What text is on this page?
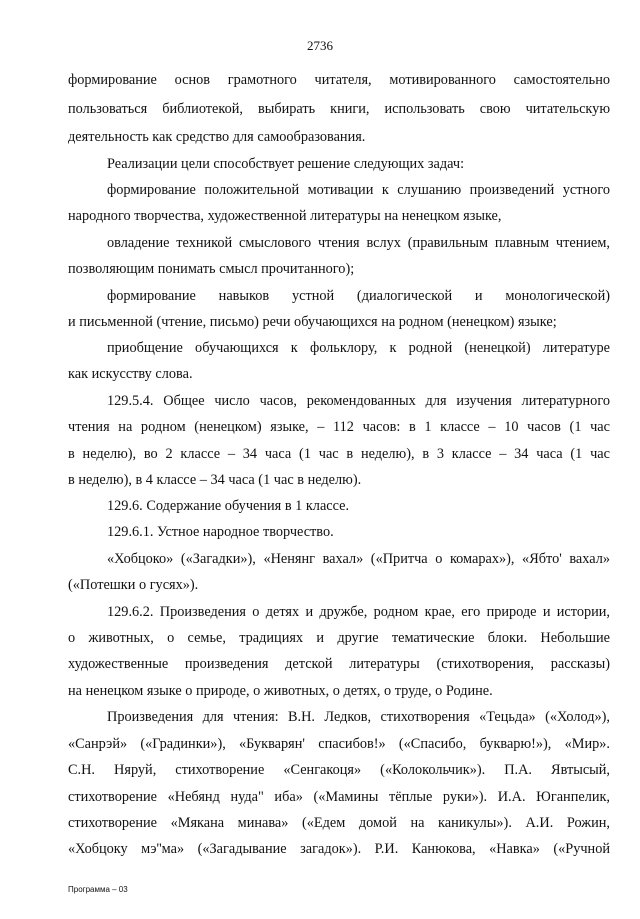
2736
формирование основ грамотного читателя, мотивированного самостоятельно
пользоваться библиотекой, выбирать книги, использовать свою читательскую
деятельность как средство для самообразования.
Реализации цели способствует решение следующих задач:
формирование положительной мотивации к слушанию произведений устного
народного творчества, художественной литературы на ненецком языке,
овладение техникой смыслового чтения вслух (правильным плавным чтением,
позволяющим понимать смысл прочитанного);
формирование навыков устной (диалогической и монологической)
и письменной (чтение, письмо) речи обучающихся на родном (ненецком) языке;
приобщение обучающихся к фольклору, к родной (ненецкой) литературе
как искусству слова.
129.5.4. Общее число часов, рекомендованных для изучения литературного
чтения на родном (ненецком) языке, – 112 часов: в 1 классе – 10 часов (1 час
в неделю), во 2 классе – 34 часа (1 час в неделю), в 3 классе – 34 часа (1 час
в неделю), в 4 классе – 34 часа (1 час в неделю).
129.6. Содержание обучения в 1 классе.
129.6.1. Устное народное творчество.
«Хобцоко» («Загадки»), «Ненянг вахал» («Притча о комарах»), «Ябто' вахал»
(«Потешки о гусях»).
129.6.2. Произведения о детях и дружбе, родном крае, его природе и истории,
о животных, о семье, традициях и другие тематические блоки. Небольшие
художественные произведения детской литературы (стихотворения, рассказы)
на ненецком языке о природе, о животных, о детях, о труде, о Родине.
Произведения для чтения: В.Н. Ледков, стихотворения «Тецьда» («Холод»),
«Санрэй» («Градинки»), «Букварян' спасибов!» («Спасибо, букварю!»), «Мир».
С.Н. Няруй, стихотворение «Сенгакоця» («Колокольчик»). П.А. Явтысый,
стихотворение «Небянд нуда" иба» («Мамины тёплые руки»). И.А. Юганпелик,
стихотворение «Мякана минава» («Едем домой на каникулы»). А.И. Рожин,
«Хобцоку мэ''ма» («Загадывание загадок»). Р.И. Канюкова, «Навка» («Ручной
Программа – 03
